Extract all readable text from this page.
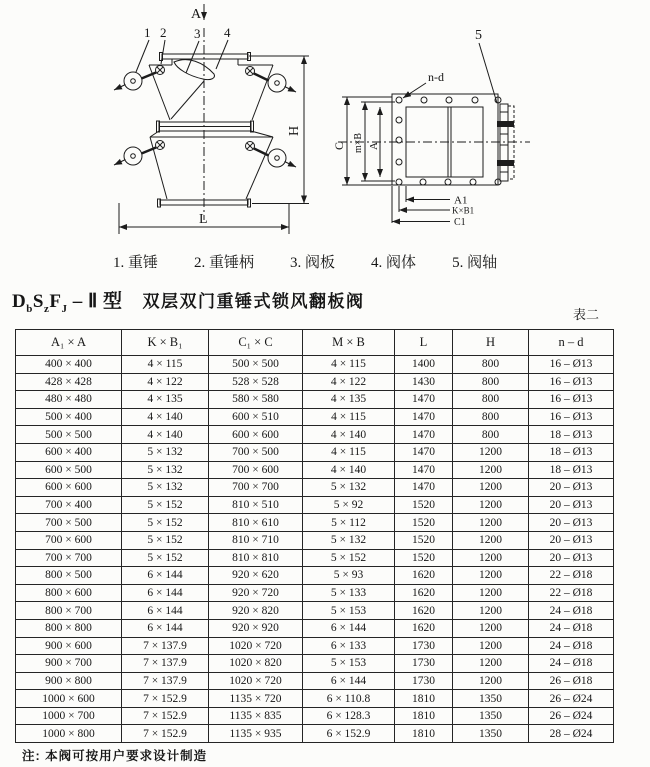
A
H
L
1 2 3 4
n-d
5
C m×B A
A1
K×B1
C1
1. 重锤 2. 重锤柄 3. 阀板 4. 阀体 5. 阀轴
$D_bS_zF_J$ – Ⅱ 型 双层双门重锤式锁风翻板阀
表二
A₁ × A	K × B₁	C₁ × C	M × B	L	H	n – d
400 × 400	4 × 115	500 × 500	4 × 115	1400	800	16 – Ø13
428 × 428	4 × 122	528 × 528	4 × 122	1430	800	16 – Ø13
480 × 480	4 × 135	580 × 580	4 × 135	1470	800	16 – Ø13
500 × 400	4 × 140	600 × 510	4 × 115	1470	800	16 – Ø13
500 × 500	4 × 140	600 × 600	4 × 140	1470	800	18 – Ø13
600 × 400	5 × 132	700 × 500	4 × 115	1470	1200	18 – Ø13
600 × 500	5 × 132	700 × 600	4 × 140	1470	1200	18 – Ø13
600 × 600	5 × 132	700 × 700	5 × 132	1470	1200	20 – Ø13
700 × 400	5 × 152	810 × 510	5 × 92	1520	1200	20 – Ø13
700 × 500	5 × 152	810 × 610	5 × 112	1520	1200	20 – Ø13
700 × 600	5 × 152	810 × 710	5 × 132	1520	1200	20 – Ø13
700 × 700	5 × 152	810 × 810	5 × 152	1520	1200	20 – Ø13
800 × 500	6 × 144	920 × 620	5 × 93	1620	1200	22 – Ø18
800 × 600	6 × 144	920 × 720	5 × 133	1620	1200	22 – Ø18
800 × 700	6 × 144	920 × 820	5 × 153	1620	1200	24 – Ø18
800 × 800	6 × 144	920 × 920	6 × 144	1620	1200	24 – Ø18
900 × 600	7 × 137.9	1020 × 720	6 × 133	1730	1200	24 – Ø18
900 × 700	7 × 137.9	1020 × 820	5 × 153	1730	1200	24 – Ø18
900 × 800	7 × 137.9	1020 × 720	6 × 144	1730	1200	26 – Ø18
1000 × 600	7 × 152.9	1135 × 720	6 × 110.8	1810	1350	26 – Ø24
1000 × 700	7 × 152.9	1135 × 835	6 × 128.3	1810	1350	26 – Ø24
1000 × 800	7 × 152.9	1135 × 935	6 × 152.9	1810	1350	28 – Ø24
注: 本阀可按用户要求设计制造
